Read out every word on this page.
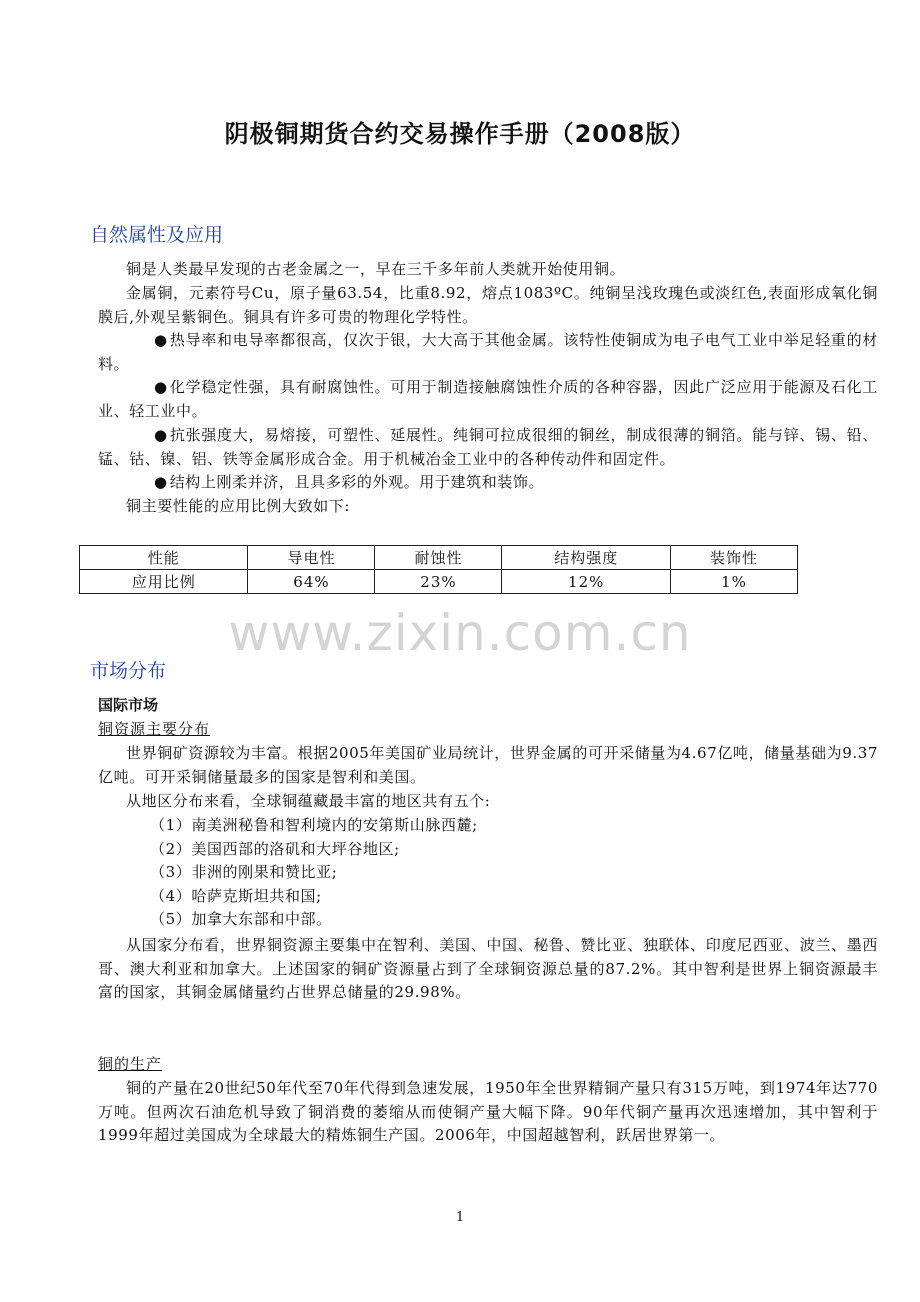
阴极铜期货合约交易操作手册（2008版）
自然属性及应用

铜是人类最早发现的古老金属之一，早在三千多年前人类就开始使用铜。

金属铜，元素符号Cu，原子量63.54，比重8.92，熔点1083ºC。纯铜呈浅玫瑰色或淡红色,表面形成氧化铜膜后,外观呈紫铜色。铜具有许多可贵的物理化学特性。

● 热导率和电导率都很高，仅次于银，大大高于其他金属。该特性使铜成为电子电气工业中举足轻重的材料。

● 化学稳定性强，具有耐腐蚀性。可用于制造接触腐蚀性介质的各种容器，因此广泛应用于能源及石化工业、轻工业中。

● 抗张强度大，易熔接，可塑性、延展性。纯铜可拉成很细的铜丝，制成很薄的铜箔。能与锌、锡、铅、锰、钴、镍、铝、铁等金属形成合金。用于机械冶金工业中的各种传动件和固定件。

● 结构上刚柔并济，且具多彩的外观。用于建筑和装饰。

铜主要性能的应用比例大致如下:

性能	导电性	耐蚀性	结构强度	装饰性
应用比例	64%	23%	12%	1%
www.zixin.com.cn
市场分布

国际市场

铜资源主要分布

世界铜矿资源较为丰富。根据2005年美国矿业局统计，世界金属的可开采储量为4.67亿吨，储量基础为9.37亿吨。可开采铜储量最多的国家是智利和美国。

从地区分布来看，全球铜蕴藏最丰富的地区共有五个:

（1）南美洲秘鲁和智利境内的安第斯山脉西麓;
（2）美国西部的洛矶和大坪谷地区;
（3）非洲的刚果和赞比亚;
（4）哈萨克斯坦共和国;
（5）加拿大东部和中部。

从国家分布看，世界铜资源主要集中在智利、美国、中国、秘鲁、赞比亚、独联体、印度尼西亚、波兰、墨西哥、澳大利亚和加拿大。上述国家的铜矿资源量占到了全球铜资源总量的87.2%。其中智利是世界上铜资源最丰富的国家，其铜金属储量约占世界总储量的29.98%。

铜的生产

铜的产量在20世纪50年代至70年代得到急速发展，1950年全世界精铜产量只有315万吨，到1974年达770万吨。但两次石油危机导致了铜消费的萎缩从而使铜产量大幅下降。90年代铜产量再次迅速增加，其中智利于1999年超过美国成为全球最大的精炼铜生产国。2006年，中国超越智利，跃居世界第一。

1
